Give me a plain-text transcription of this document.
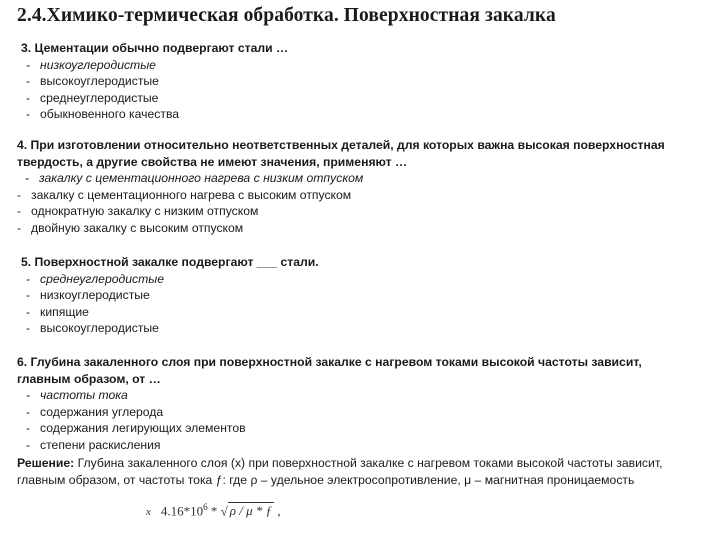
2.4.Химико-термическая обработка. Поверхностная закалка
3. Цементации обычно подвергают стали …
- низкоуглеродистые
- высокоуглеродистые
- среднеуглеродистые
- обыкновенного качества
4. При изготовлении относительно неответственных деталей, для которых важна высокая поверхностная
твердость, а другие свойства не имеют значения, применяют …
- закалку с цементационного нагрева с низким отпуском
- закалку с цементационного нагрева с высоким отпуском
- однократную закалку с низким отпуском
- двойную закалку с высоким отпуском
5. Поверхностной закалке подвергают ___ стали.
- среднеуглеродистые
- низкоуглеродистые
- кипящие
- высокоуглеродистые
6. Глубина закаленного слоя при поверхностной закалке с нагревом токами высокой частоты зависит,
главным образом, от …
- частоты тока
- содержания углерода
- содержания легирующих элементов
- степени раскисления
Решение: Глубина закаленного слоя (х) при поверхностной закалке с нагревом токами высокой частоты зависит,
главным образом, от частоты тока ƒ: где ρ – удельное электросопротивление, μ – магнитная проницаемость
х $4.16*10^6$ * √ ρ / μ * ƒ ,
